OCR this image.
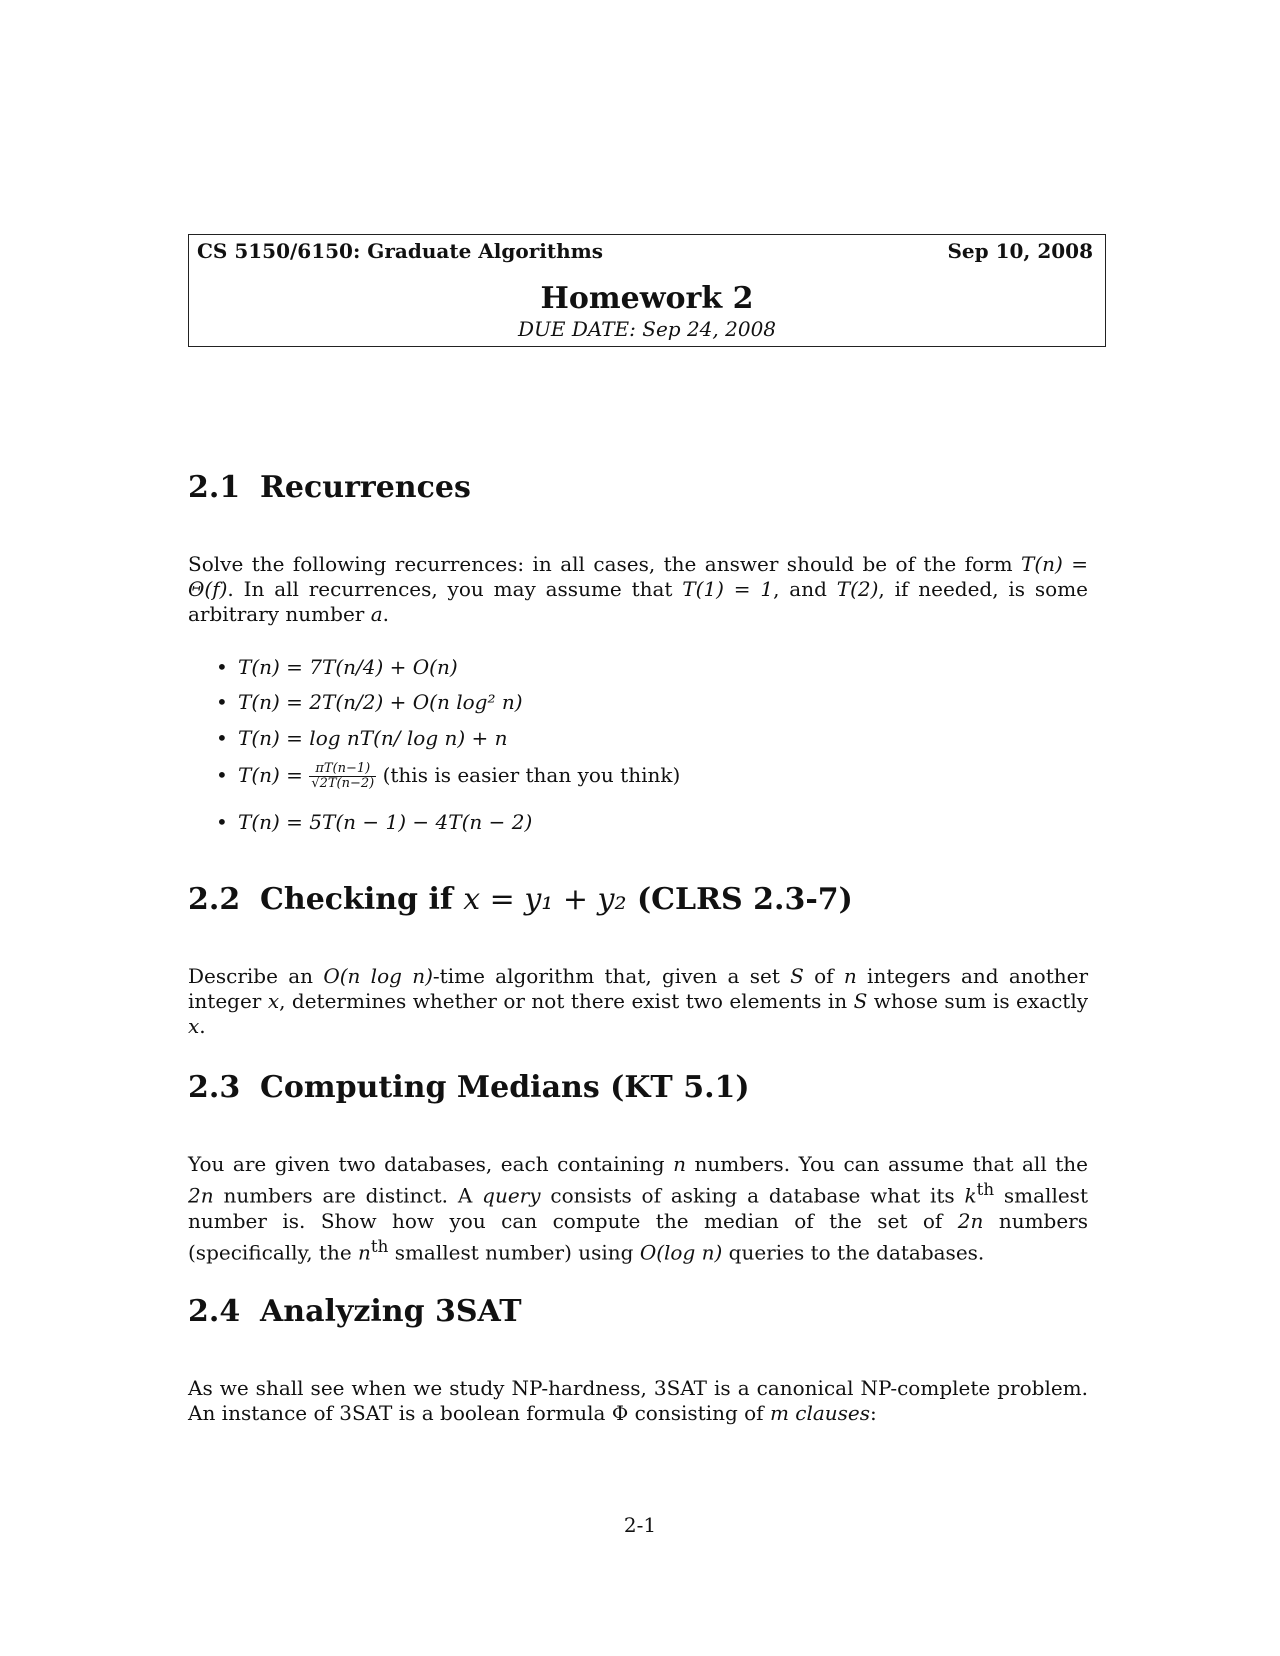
CS 5150/6150: Graduate Algorithms	Sep 10, 2008
Homework 2
DUE DATE: Sep 24, 2008
2.1 Recurrences
Solve the following recurrences: in all cases, the answer should be of the form T(n) = Θ(f). In all recurrences, you may assume that T(1) = 1, and T(2), if needed, is some arbitrary number a.
• T(n) = 7T(n/4) + O(n)
• T(n) = 2T(n/2) + O(n log² n)
• T(n) = log nT(n/ log n) + n
• $T(n) = \frac{\pi T(n-1)}{√2T(n-2)}$ (this is easier than you think)
• T(n) = 5T(n − 1) − 4T(n − 2)
2.2 Checking if x = y₁ + y₂ (CLRS 2.3-7)
Describe an O(n log n)-time algorithm that, given a set S of n integers and another integer x, determines whether or not there exist two elements in S whose sum is exactly x.
2.3 Computing Medians (KT 5.1)
You are given two databases, each containing n numbers. You can assume that all the 2n numbers are distinct. A query consists of asking a database what its $k^{th}$ smallest number is. Show how you can compute the median of the set of 2n numbers (specifically, the $n^{th}$ smallest number) using O(log n) queries to the databases.
2.4 Analyzing 3SAT
As we shall see when we study NP-hardness, 3SAT is a canonical NP-complete problem. An instance of 3SAT is a boolean formula Φ consisting of m clauses:
2-1
